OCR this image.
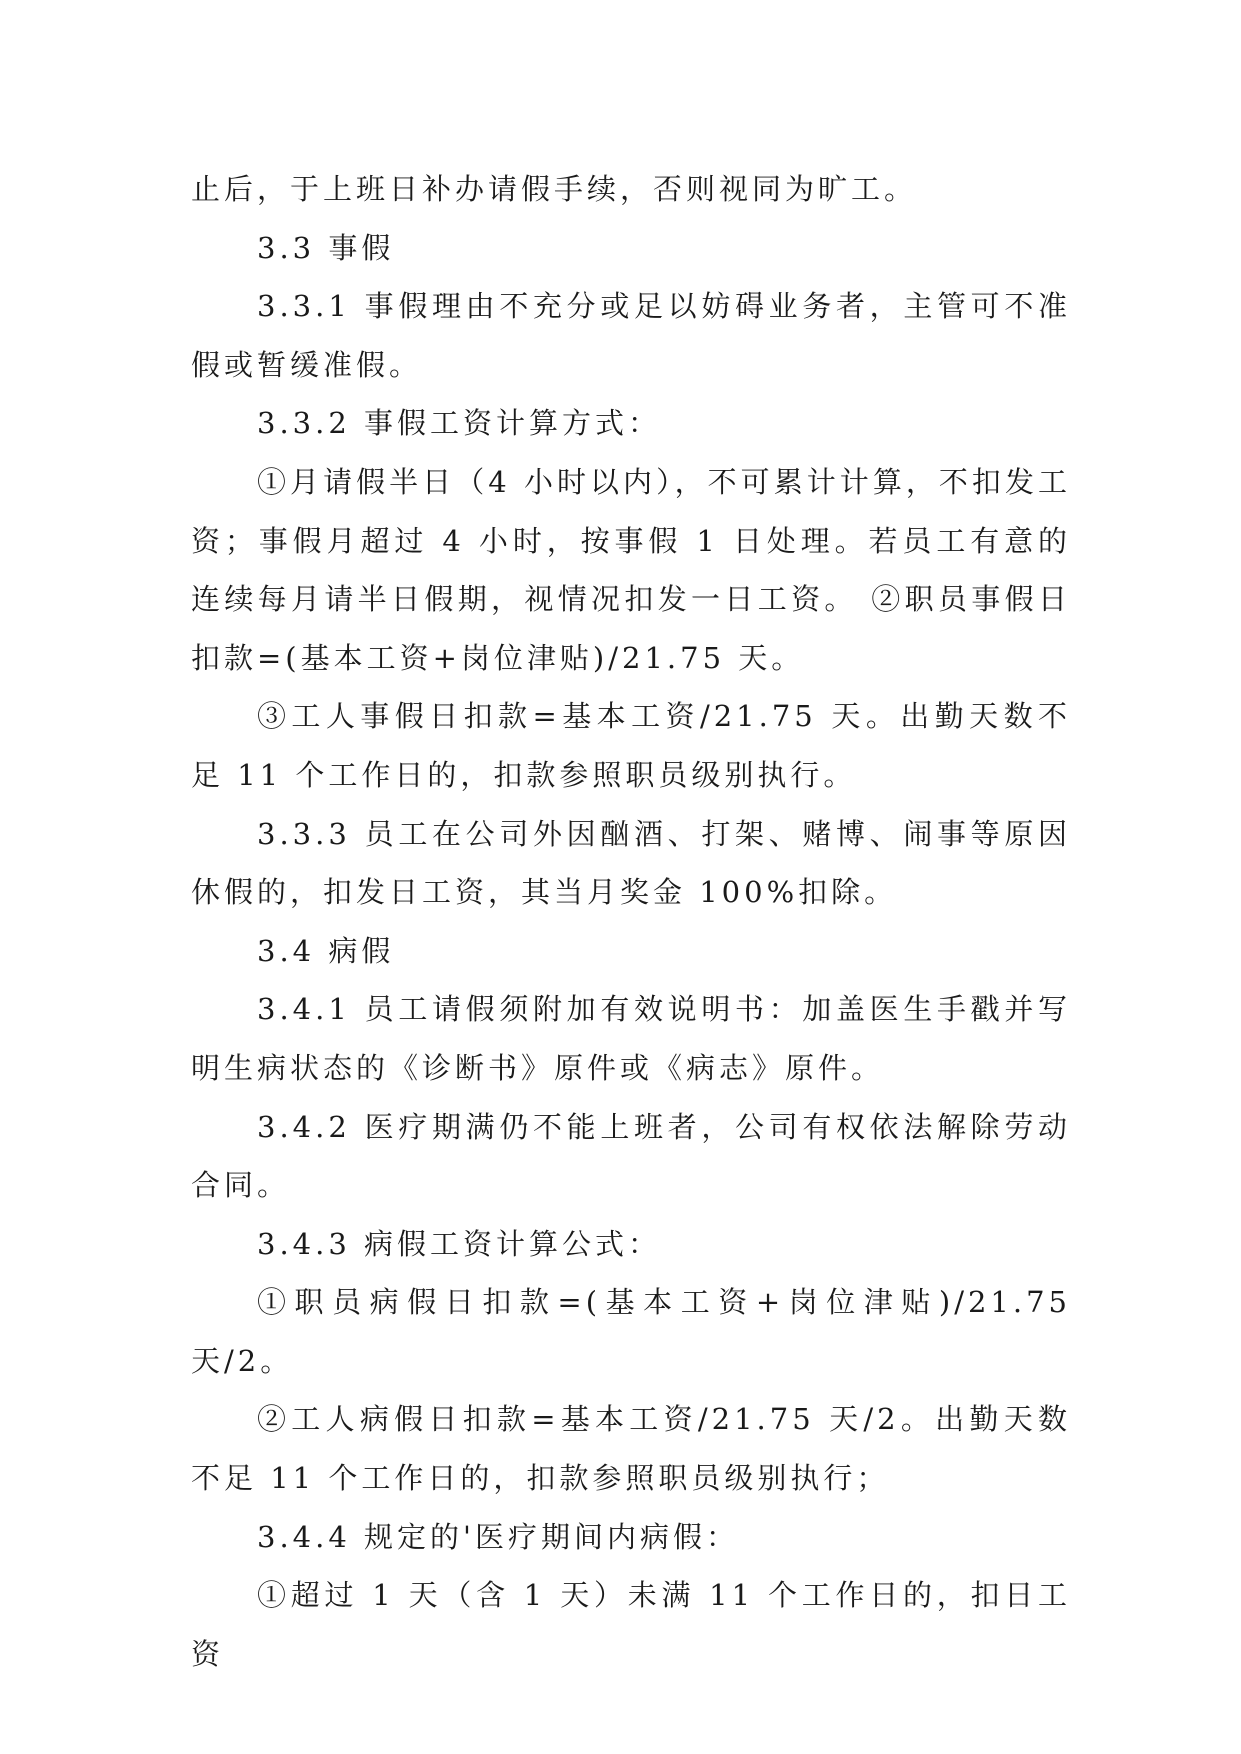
止后，于上班日补办请假手续，否则视同为旷工。

3.3 事假

3.3.1 事假理由不充分或足以妨碍业务者，主管可不准假或暂缓准假。

3.3.2 事假工资计算方式：

①月请假半日（4 小时以内），不可累计计算，不扣发工资；事假月超过 4 小时，按事假 1 日处理。若员工有意的连续每月请半日假期，视情况扣发一日工资。 ②职员事假日扣款=(基本工资+岗位津贴)/21.75 天。

③工人事假日扣款=基本工资/21.75 天。出勤天数不足 11 个工作日的，扣款参照职员级别执行。

3.3.3 员工在公司外因酗酒、打架、赌博、闹事等原因休假的，扣发日工资，其当月奖金 100%扣除。

3.4 病假

3.4.1 员工请假须附加有效说明书：加盖医生手戳并写明生病状态的《诊断书》原件或《病志》原件。

3.4.2 医疗期满仍不能上班者，公司有权依法解除劳动合同。

3.4.3 病假工资计算公式：

①职员病假日扣款=(基本工资+岗位津贴)/21.75 天/2。

②工人病假日扣款=基本工资/21.75 天/2。出勤天数不足 11 个工作日的，扣款参照职员级别执行；

3.4.4 规定的'医疗期间内病假：

①超过 1 天（含 1 天）未满 11 个工作日的，扣日工资
